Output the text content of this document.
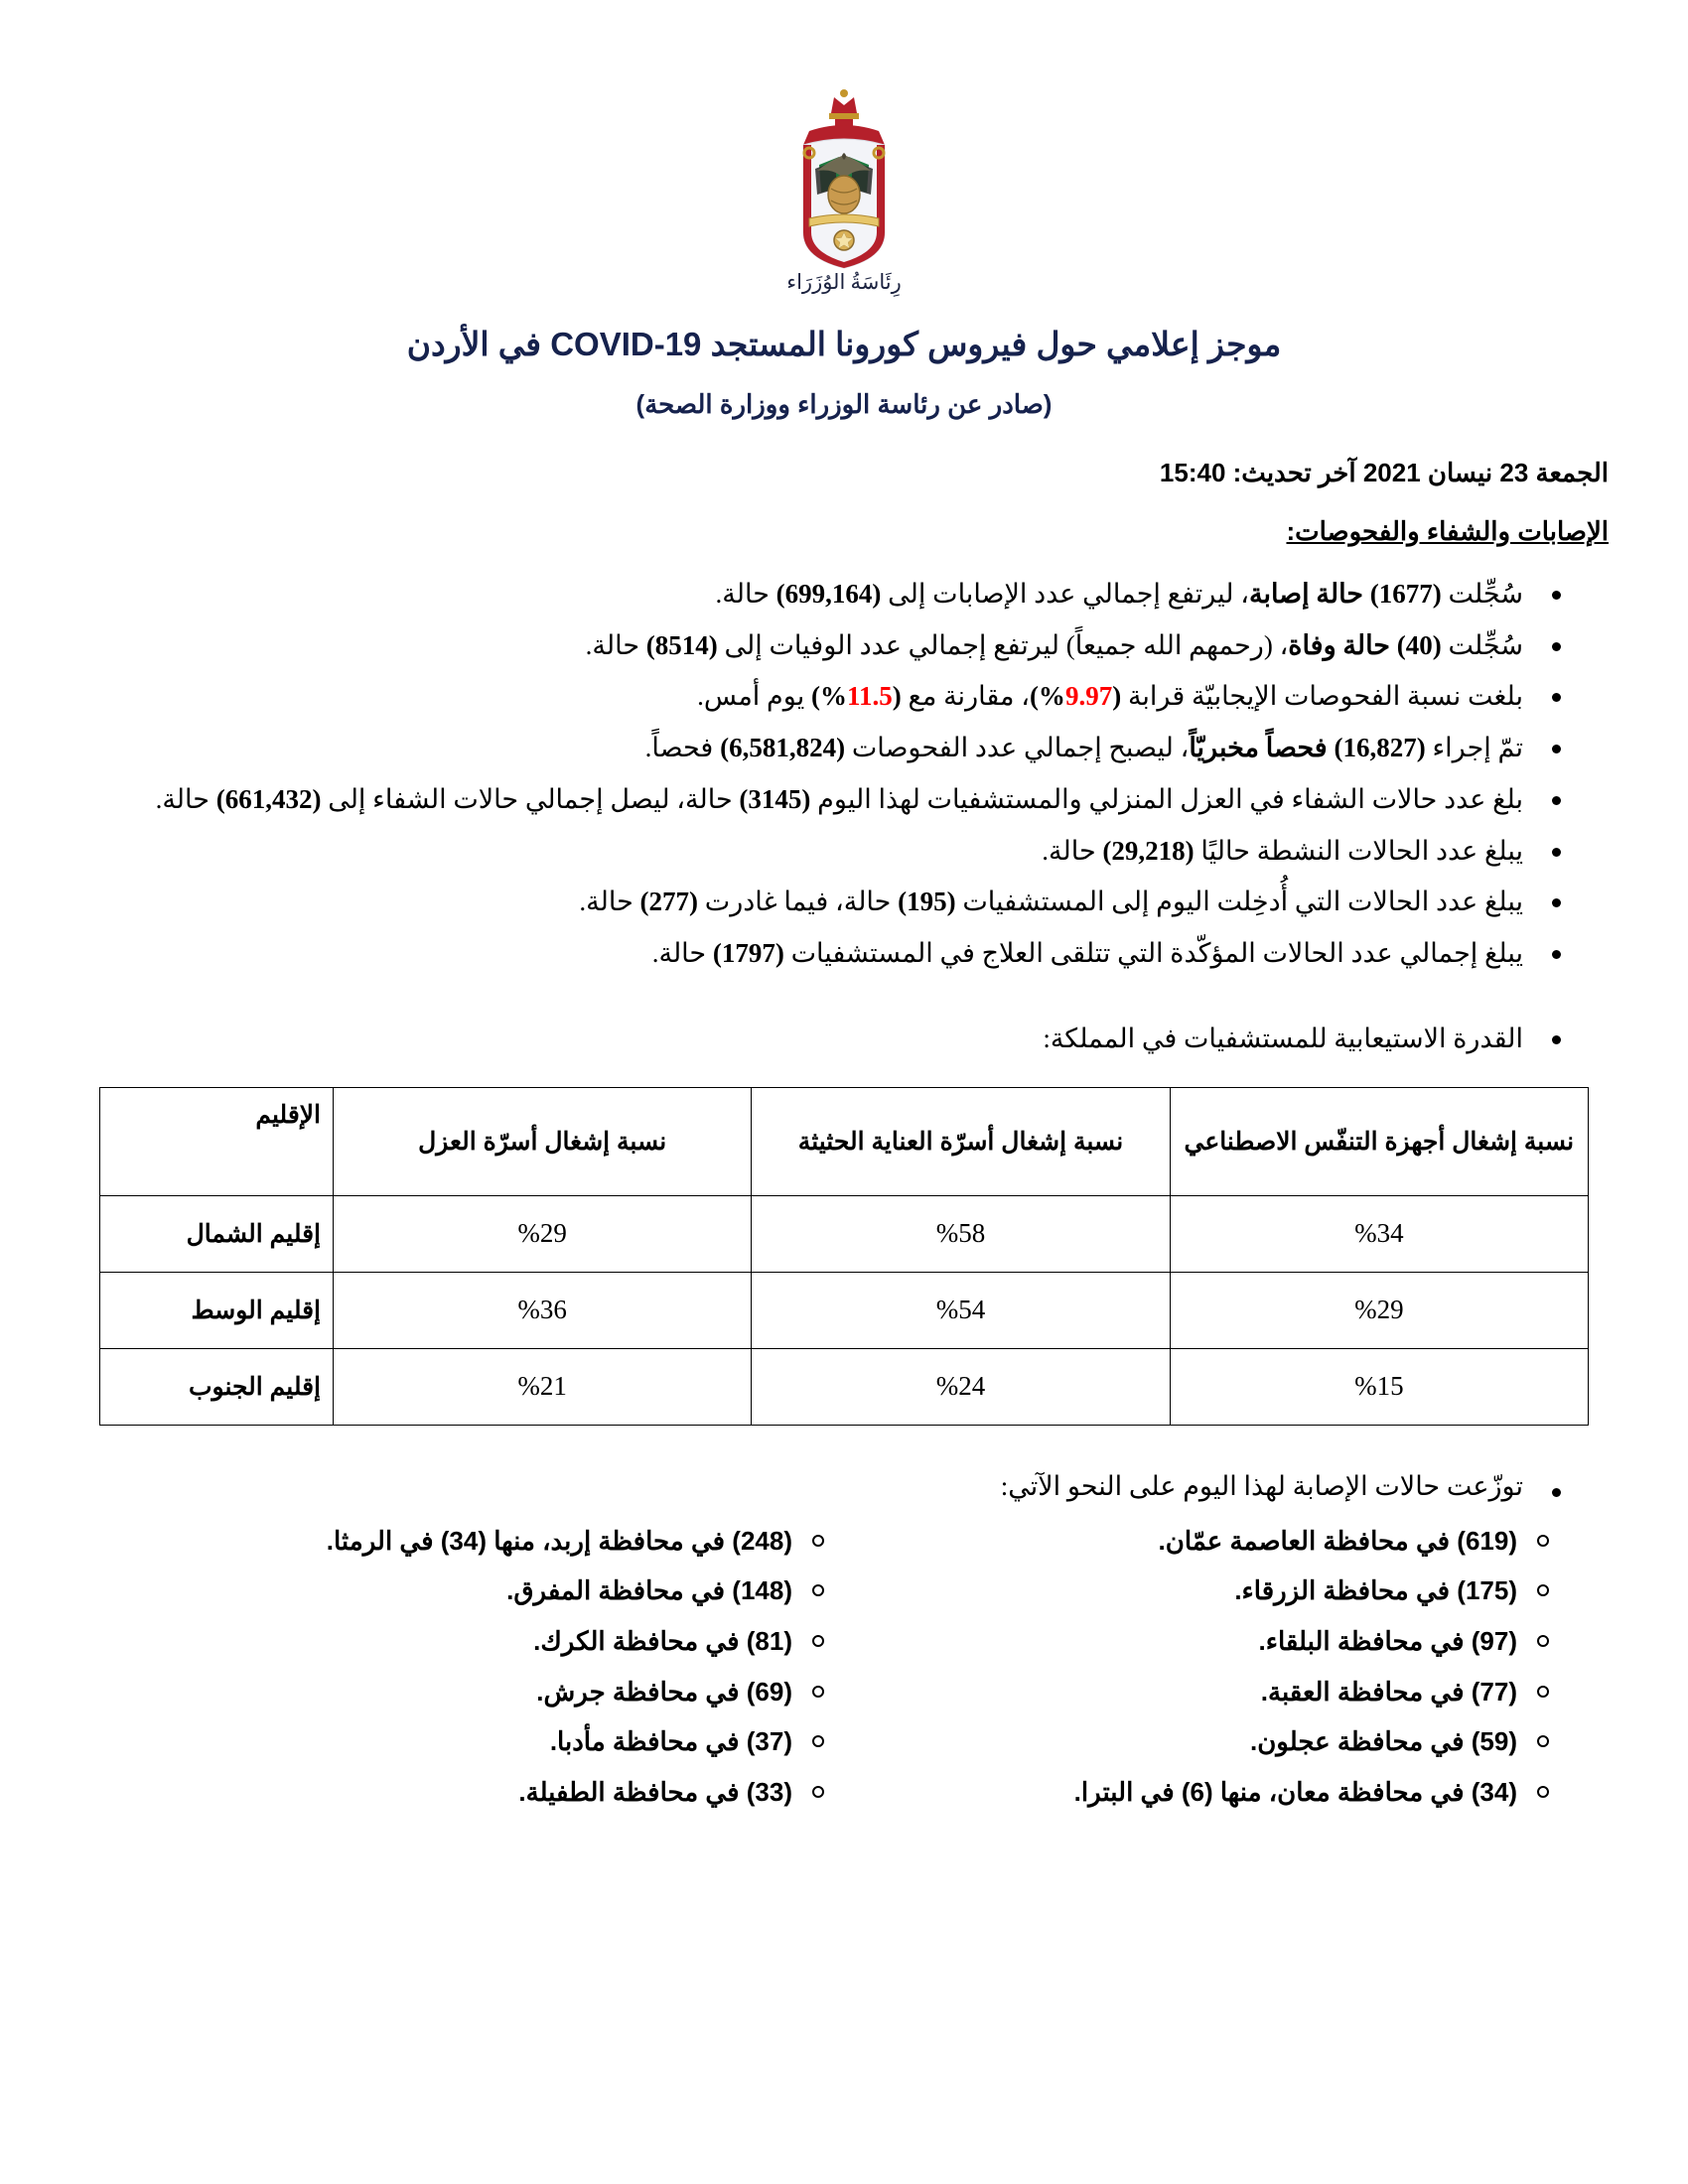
رِئَاسَةُ الوُزَرَاء
موجز إعلامي حول فيروس كورونا المستجد COVID-19 في الأردن
(صادر عن رئاسة الوزراء ووزارة الصحة)
الجمعة 23 نيسان 2021 آخر تحديث: 15:40
الإصابات والشفاء والفحوصات:
سُجِّلت (1677) حالة إصابة، ليرتفع إجمالي عدد الإصابات إلى (699,164) حالة.
سُجِّلت (40) حالة وفاة، (رحمهم الله جميعاً) ليرتفع إجمالي عدد الوفيات إلى (8514) حالة.
بلغت نسبة الفحوصات الإيجابيّة قرابة (9.97%)، مقارنة مع (11.5%) يوم أمس.
تمّ إجراء (16,827) فحصاً مخبريّاً، ليصبح إجمالي عدد الفحوصات (6,581,824) فحصاً.
بلغ عدد حالات الشفاء في العزل المنزلي والمستشفيات لهذا اليوم (3145) حالة، ليصل إجمالي حالات الشفاء إلى (661,432) حالة.
يبلغ عدد الحالات النشطة حاليًا (29,218) حالة.
يبلغ عدد الحالات التي أُدخِلت اليوم إلى المستشفيات (195) حالة، فيما غادرت (277) حالة.
يبلغ إجمالي عدد الحالات المؤكّدة التي تتلقى العلاج في المستشفيات (1797) حالة.
القدرة الاستيعابية للمستشفيات في المملكة:
نسبة إشغال أجهزة التنفّس الاصطناعي	نسبة إشغال أسرّة العناية الحثيثة	نسبة إشغال أسرّة العزل	الإقليم
%34	%58	%29	إقليم الشمال
%29	%54	%36	إقليم الوسط
%15	%24	%21	إقليم الجنوب
توزّعت حالات الإصابة لهذا اليوم على النحو الآتي:
(619) في محافظة العاصمة عمّان.
(175) في محافظة الزرقاء.
(97) في محافظة البلقاء.
(77) في محافظة العقبة.
(59) في محافظة عجلون.
(34) في محافظة معان، منها (6) في البترا.
(248) في محافظة إربد، منها (34) في الرمثا.
(148) في محافظة المفرق.
(81) في محافظة الكرك.
(69) في محافظة جرش.
(37) في محافظة مأدبا.
(33) في محافظة الطفيلة.
